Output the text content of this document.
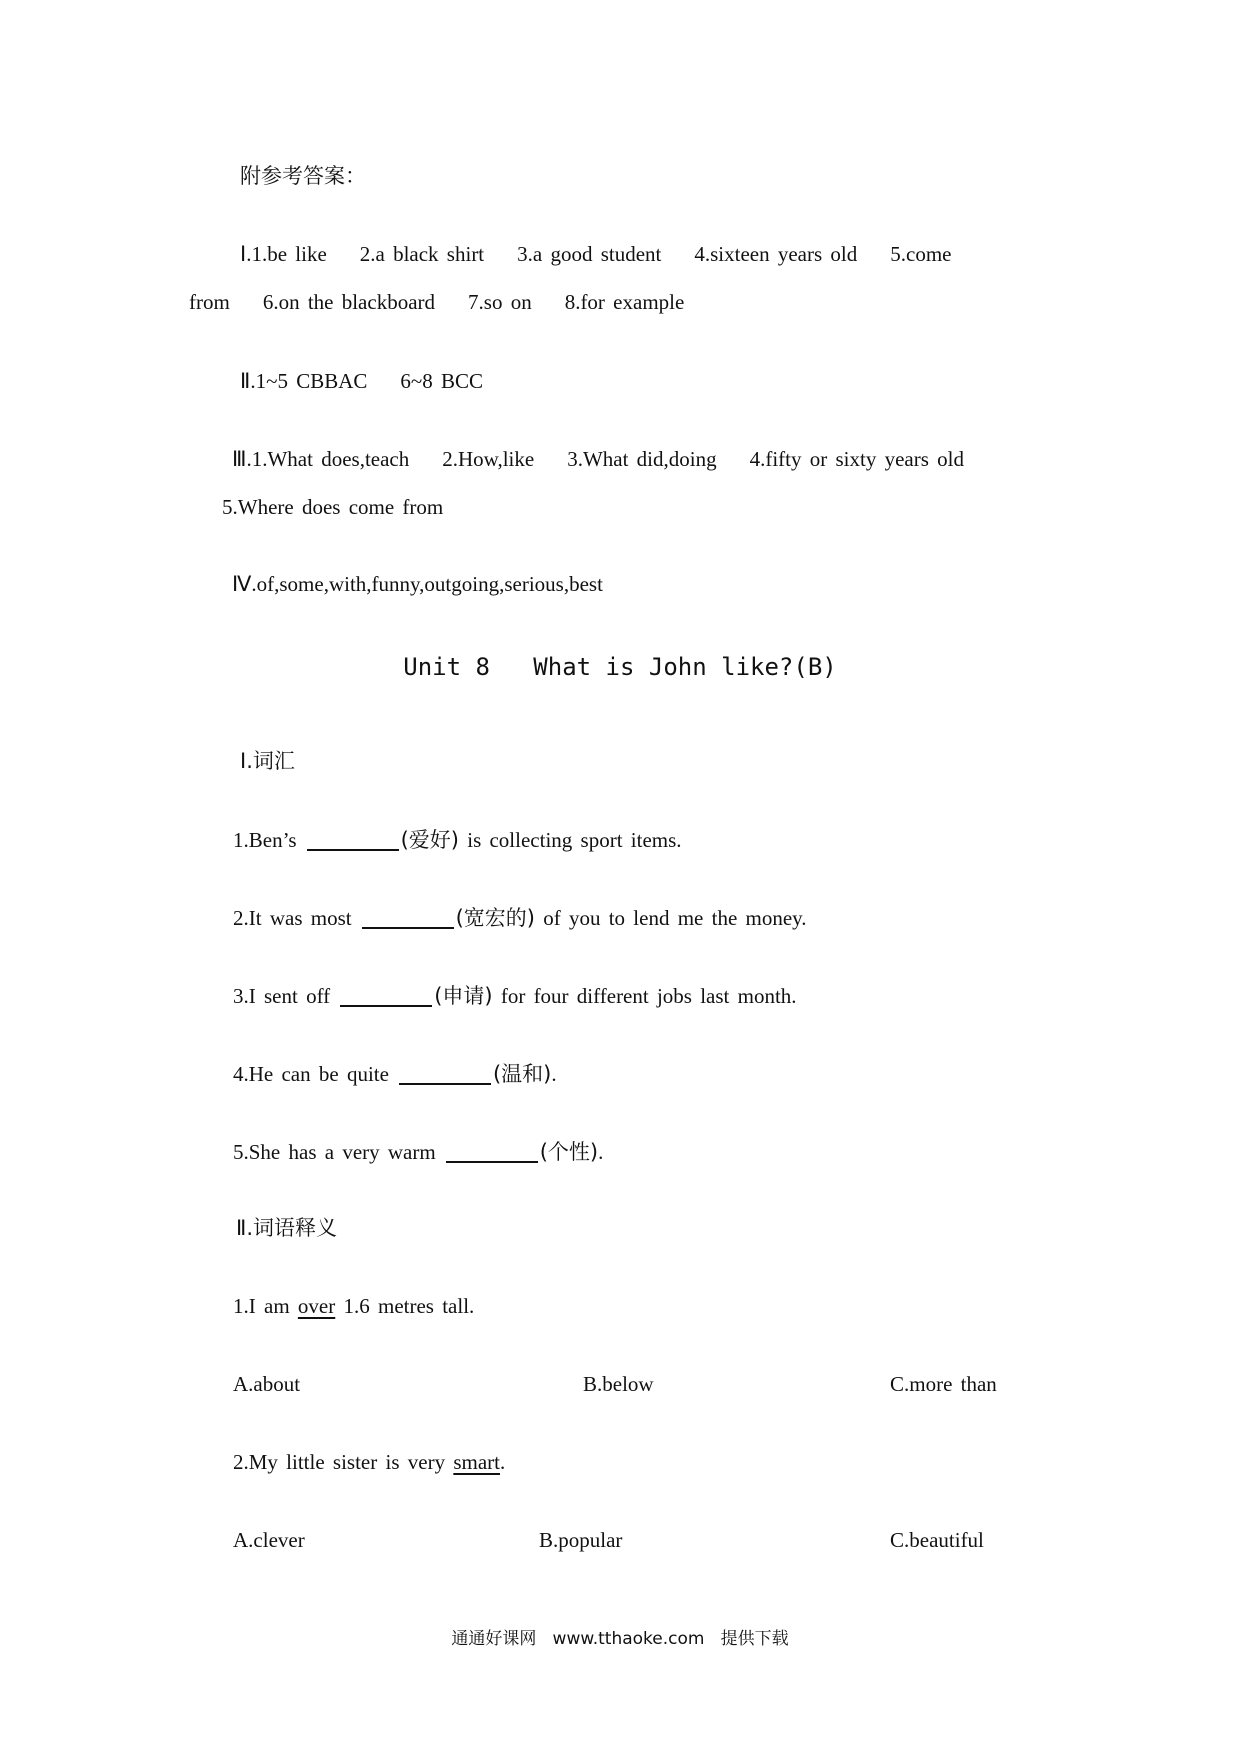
附参考答案：
Ⅰ.1.be like    2.a black shirt    3.a good student    4.sixteen years old    5.come
from    6.on the blackboard    7.so on    8.for example
Ⅱ.1~5 CBBAC    6~8 BCC
Ⅲ.1.What does,teach    2.How,like    3.What did,doing    4.fifty or sixty years old
5.Where does come from
Ⅳ.of,some,with,funny,outgoing,serious,best
Unit 8   What is John like?(B)
Ⅰ.词汇
1.Ben’s	(爱好) is collecting sport items.
2.It was most	(宽宏的) of you to lend me the money.
3.I sent off	(申请) for four different jobs last month.
4.He can be quite	(温和).
5.She has a very warm	(个性).
Ⅱ.词语释义
1.I am over 1.6 metres tall.
A.about	B.below	C.more than
2.My little sister is very smart.
A.clever	B.popular	C.beautiful
通通好课网   www.tthaoke.com   提供下载
